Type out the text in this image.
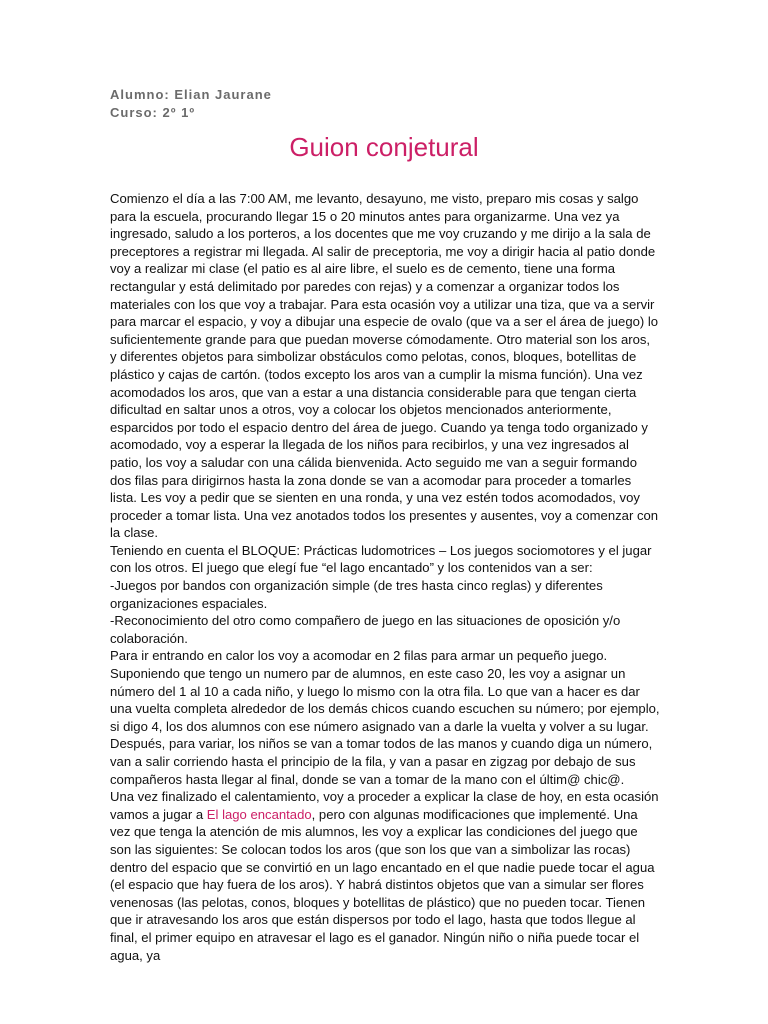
Alumno: Elian Jaurane
Curso: 2º 1º
Guion conjetural

Comienzo el día a las 7:00 AM, me levanto, desayuno, me visto, preparo mis cosas y salgo para la escuela, procurando llegar 15 o 20 minutos antes para organizarme. Una vez ya ingresado, saludo a los porteros, a los docentes que me voy cruzando y me dirijo a la sala de preceptores a registrar mi llegada. Al salir de preceptoria, me voy a dirigir hacia al patio donde voy a realizar mi clase (el patio es al aire libre, el suelo es de cemento, tiene una forma rectangular y está delimitado por paredes con rejas) y a comenzar a organizar todos los materiales con los que voy a trabajar. Para esta ocasión voy a utilizar una tiza, que va a servir para marcar el espacio, y voy a dibujar una especie de ovalo (que va a ser el área de juego) lo suficientemente grande para que puedan moverse cómodamente. Otro material son los aros, y diferentes objetos para simbolizar obstáculos como pelotas, conos, bloques, botellitas de plástico y cajas de cartón. (todos excepto los aros van a cumplir la misma función). Una vez acomodados los aros, que van a estar a una distancia considerable para que tengan cierta dificultad en saltar unos a otros, voy a colocar los objetos mencionados anteriormente, esparcidos por todo el espacio dentro del área de juego. Cuando ya tenga todo organizado y acomodado, voy a esperar la llegada de los niños para recibirlos, y una vez ingresados al patio, los voy a saludar con una cálida bienvenida. Acto seguido me van a seguir formando dos filas para dirigirnos hasta la zona donde se van a acomodar para proceder a tomarles lista. Les voy a pedir que se sienten en una ronda, y una vez estén todos acomodados, voy proceder a tomar lista. Una vez anotados todos los presentes y ausentes, voy a comenzar con la clase.

Teniendo en cuenta el BLOQUE: Prácticas ludomotrices – Los juegos sociomotores y el jugar con los otros. El juego que elegí fue “el lago encantado” y los contenidos van a ser:

-Juegos por bandos con organización simple (de tres hasta cinco reglas) y diferentes organizaciones espaciales.

-Reconocimiento del otro como compañero de juego en las situaciones de oposición y/o colaboración.

Para ir entrando en calor los voy a acomodar en 2 filas para armar un pequeño juego. Suponiendo que tengo un numero par de alumnos, en este caso 20, les voy a asignar un número del 1 al 10 a cada niño, y luego lo mismo con la otra fila. Lo que van a hacer es dar una vuelta completa alrededor de los demás chicos cuando escuchen su número; por ejemplo, si digo 4, los dos alumnos con ese número asignado van a darle la vuelta y volver a su lugar. Después, para variar, los niños se van a tomar todos de las manos y cuando diga un número, van a salir corriendo hasta el principio de la fila, y van a pasar en zigzag por debajo de sus compañeros hasta llegar al final, donde se van a tomar de la mano con el últim@ chic@.

Una vez finalizado el calentamiento, voy a proceder a explicar la clase de hoy, en esta ocasión vamos a jugar a El lago encantado, pero con algunas modificaciones que implementé. Una vez que tenga la atención de mis alumnos, les voy a explicar las condiciones del juego que son las siguientes: Se colocan todos los aros (que son los que van a simbolizar las rocas) dentro del espacio que se convirtió en un lago encantado en el que nadie puede tocar el agua (el espacio que hay fuera de los aros). Y habrá distintos objetos que van a simular ser flores venenosas (las pelotas, conos, bloques y botellitas de plástico) que no pueden tocar. Tienen que ir atravesando los aros que están dispersos por todo el lago, hasta que todos llegue al final, el primer equipo en atravesar el lago es el ganador. Ningún niño o niña puede tocar el agua, ya
